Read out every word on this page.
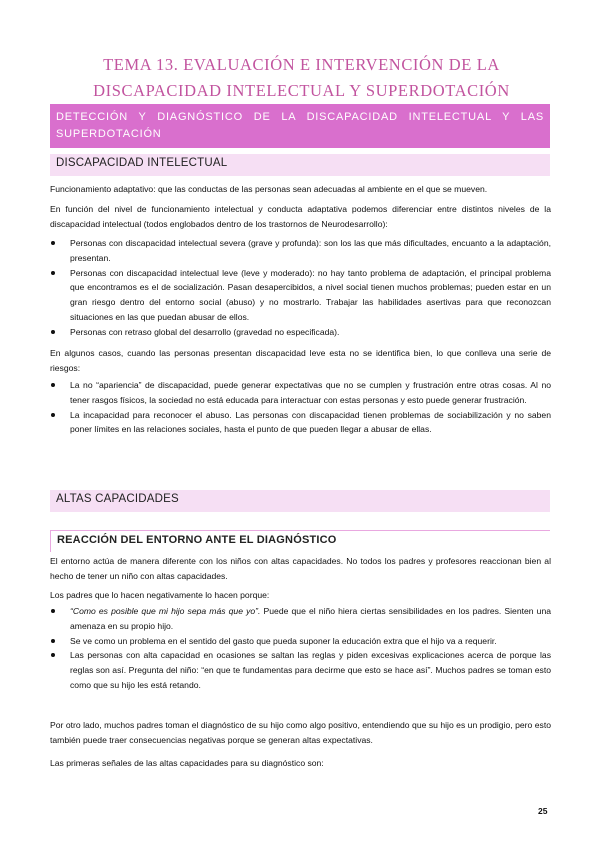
TEMA 13. EVALUACIÓN E INTERVENCIÓN DE LA
DISCAPACIDAD INTELECTUAL Y SUPERDOTACIÓN
DETECCIÓN Y DIAGNÓSTICO DE LA DISCAPACIDAD INTELECTUAL Y LAS SUPERDOTACIÓN
DISCAPACIDAD INTELECTUAL

Funcionamiento adaptativo: que las conductas de las personas sean adecuadas al ambiente en el que se mueven.

En función del nivel de funcionamiento intelectual y conducta adaptativa podemos diferenciar entre distintos niveles de la discapacidad intelectual (todos englobados dentro de los trastornos de Neurodesarrollo):

Personas con discapacidad intelectual severa (grave y profunda): son los las que más dificultades, encuanto a la adaptación, presentan.
Personas con discapacidad intelectual leve (leve y moderado): no hay tanto problema de adaptación, el principal problema que encontramos es el de socialización. Pasan desapercibidos, a nivel social tienen muchos problemas; pueden estar en un gran riesgo dentro del entorno social (abuso) y no mostrarlo. Trabajar las habilidades asertivas para que reconozcan situaciones en las que puedan abusar de ellos.
Personas con retraso global del desarrollo (gravedad no especificada).

En algunos casos, cuando las personas presentan discapacidad leve esta no se identifica bien, lo que conlleva una serie de riesgos:

La no “apariencia” de discapacidad, puede generar expectativas que no se cumplen y frustración entre otras cosas. Al no tener rasgos físicos, la sociedad no está educada para interactuar con estas personas y esto puede generar frustración.
La incapacidad para reconocer el abuso. Las personas con discapacidad tienen problemas de sociabilización y no saben poner límites en las relaciones sociales, hasta el punto de que pueden llegar a abusar de ellas.
ALTAS CAPACIDADES
REACCIÓN DEL ENTORNO ANTE EL DIAGNÓSTICO

El entorno actúa de manera diferente con los niños con altas capacidades. No todos los padres y profesores reaccionan bien al hecho de tener un niño con altas capacidades.

Los padres que lo hacen negativamente lo hacen porque:

“Como es posible que mi hijo sepa más que yo”. Puede que el niño hiera ciertas sensibilidades en los padres. Sienten una amenaza en su propio hijo.
Se ve como un problema en el sentido del gasto que pueda suponer la educación extra que el hijo va a requerir.
Las personas con alta capacidad en ocasiones se saltan las reglas y piden excesivas explicaciones acerca de porque las reglas son así. Pregunta del niño: “en que te fundamentas para decirme que esto se hace así”. Muchos padres se toman esto como que su hijo les está retando.

Por otro lado, muchos padres toman el diagnóstico de su hijo como algo positivo, entendiendo que su hijo es un prodigio, pero esto también puede traer consecuencias negativas porque se generan altas expectativas.

Las primeras señales de las altas capacidades para su diagnóstico son:

25
